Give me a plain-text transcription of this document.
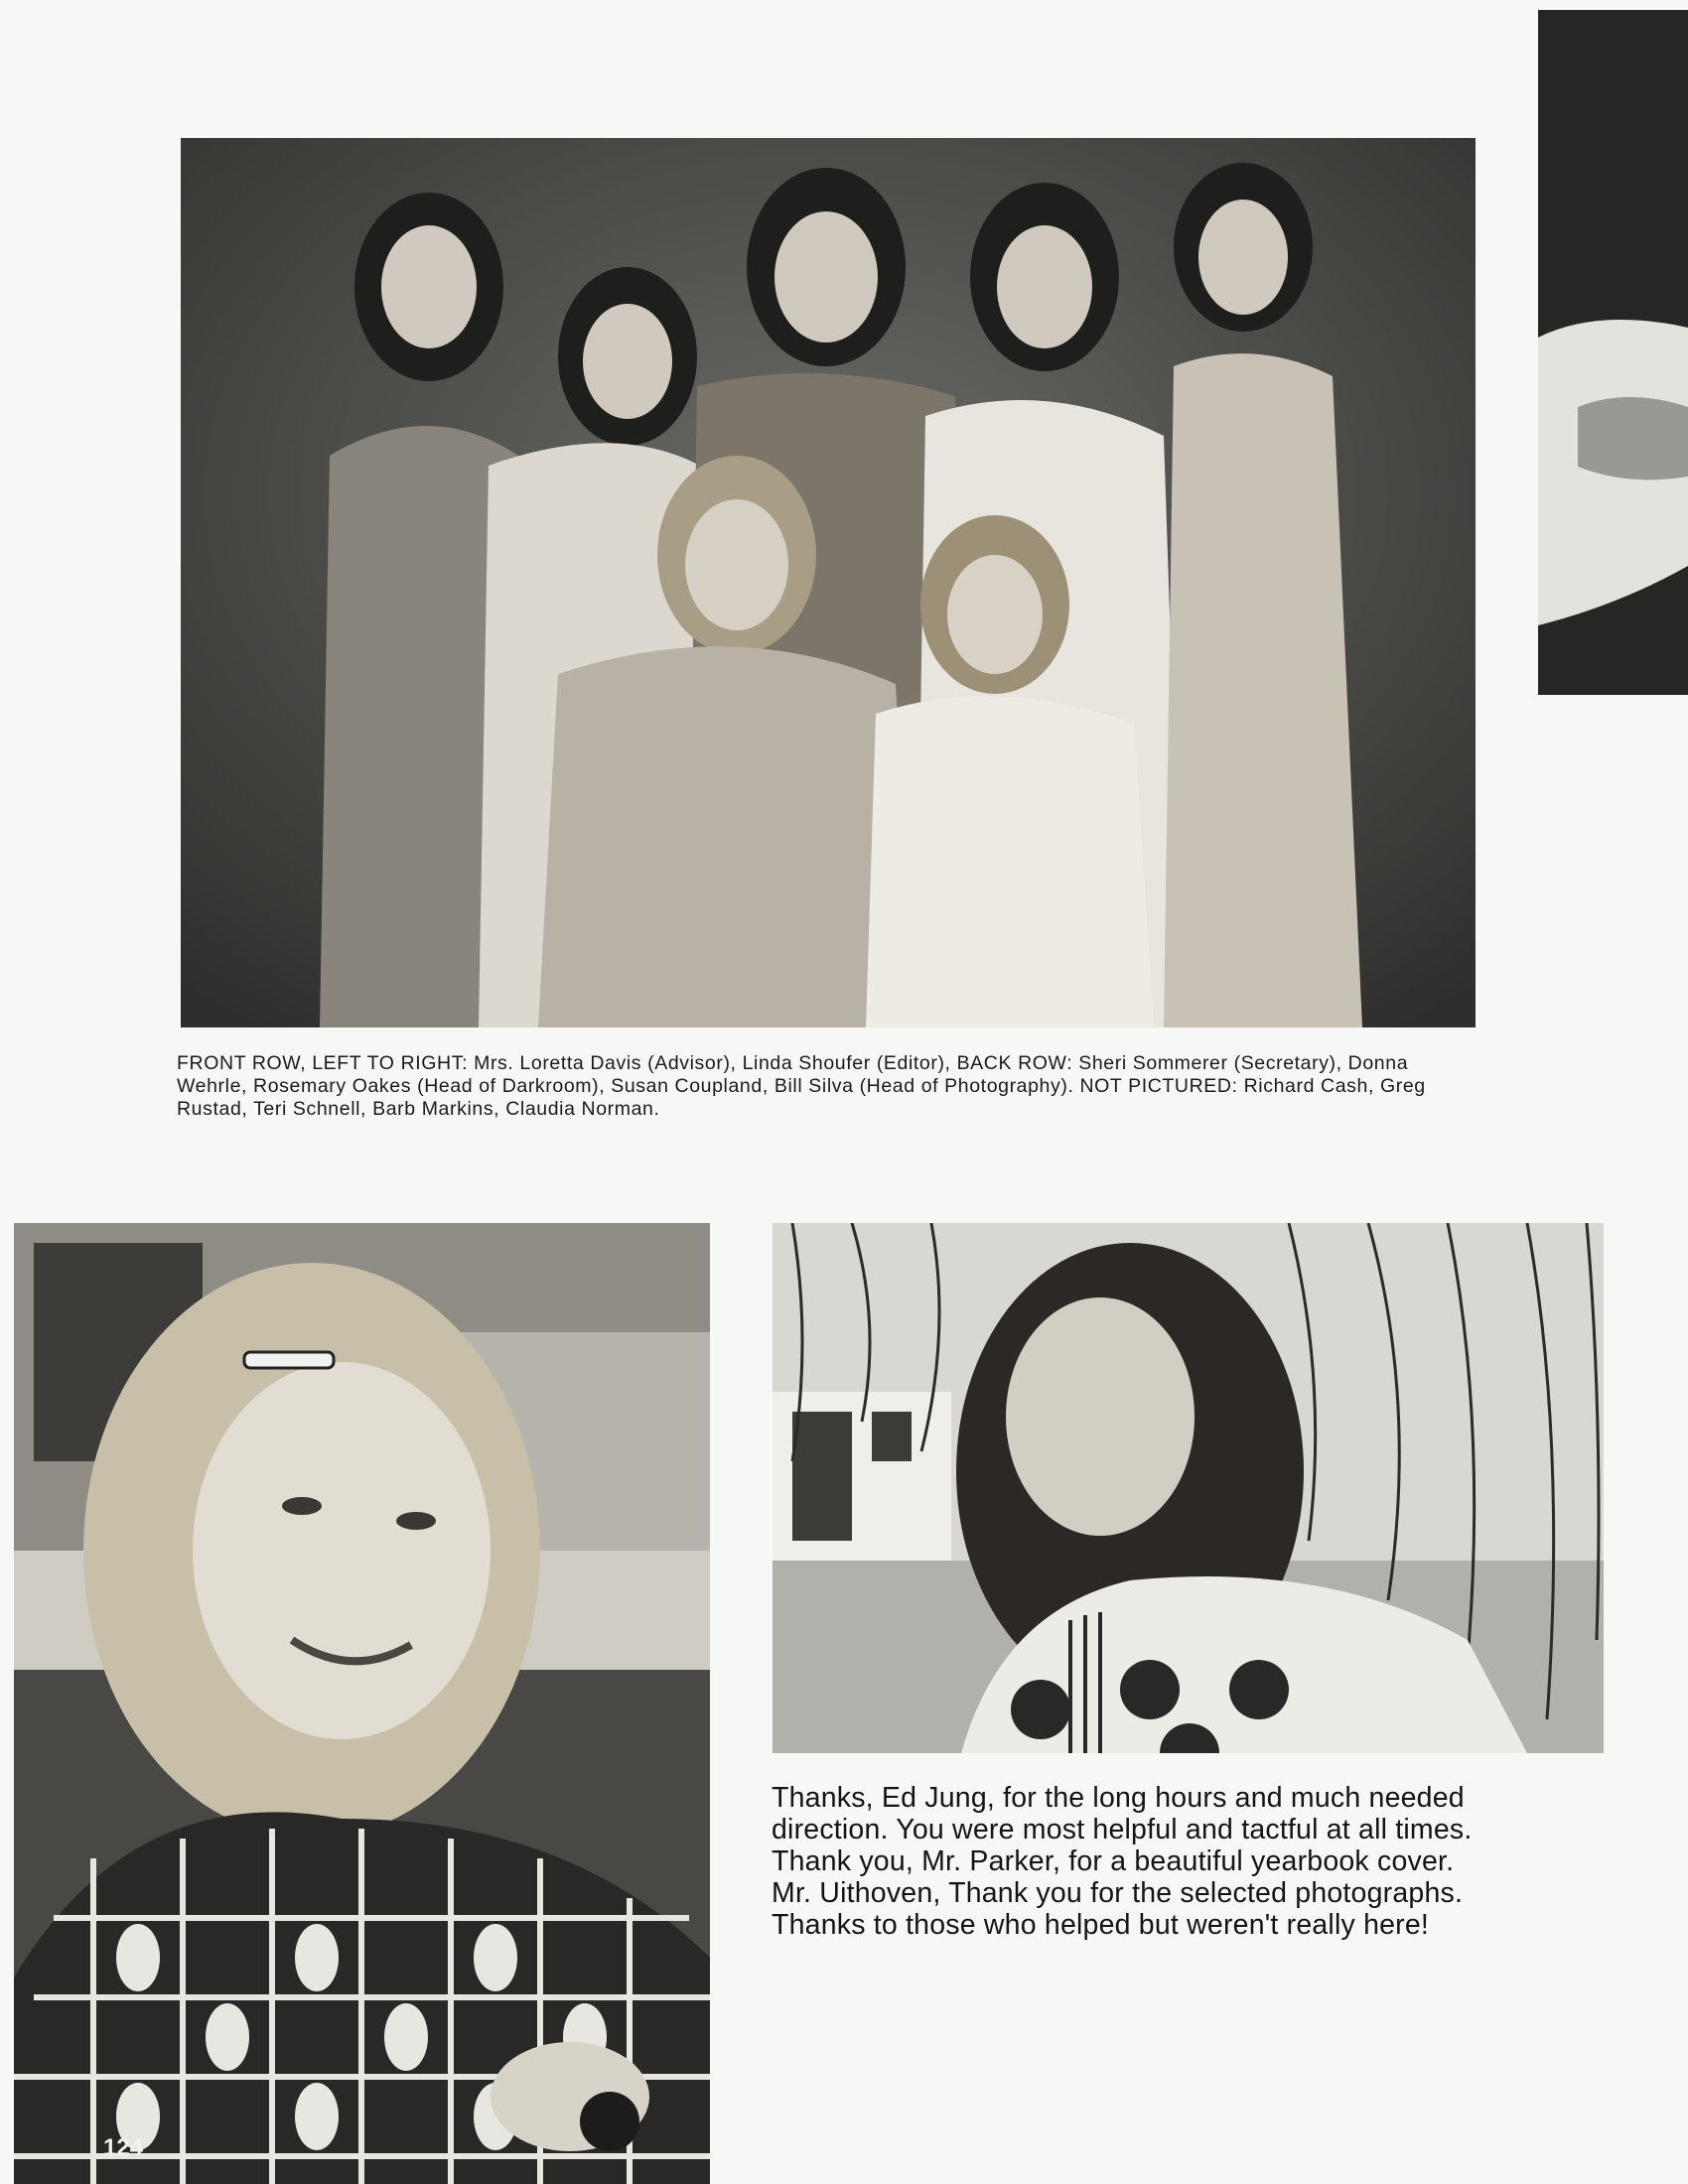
FRONT ROW, LEFT TO RIGHT: Mrs. Loretta Davis (Advisor), Linda Shoufer (Editor), BACK ROW: Sheri Sommerer (Secretary), Donna Wehrle, Rosemary Oakes (Head of Darkroom), Susan Coupland, Bill Silva (Head of Photography). NOT PICTURED: Richard Cash, Greg Rustad, Teri Schnell, Barb Markins, Claudia Norman.

124

Thanks, Ed Jung, for the long hours and much needed
direction. You were most helpful and tactful at all times.
Thank you, Mr. Parker, for a beautiful yearbook cover.
Mr. Uithoven, Thank you for the selected photographs.
Thanks to those who helped but weren't really here!
